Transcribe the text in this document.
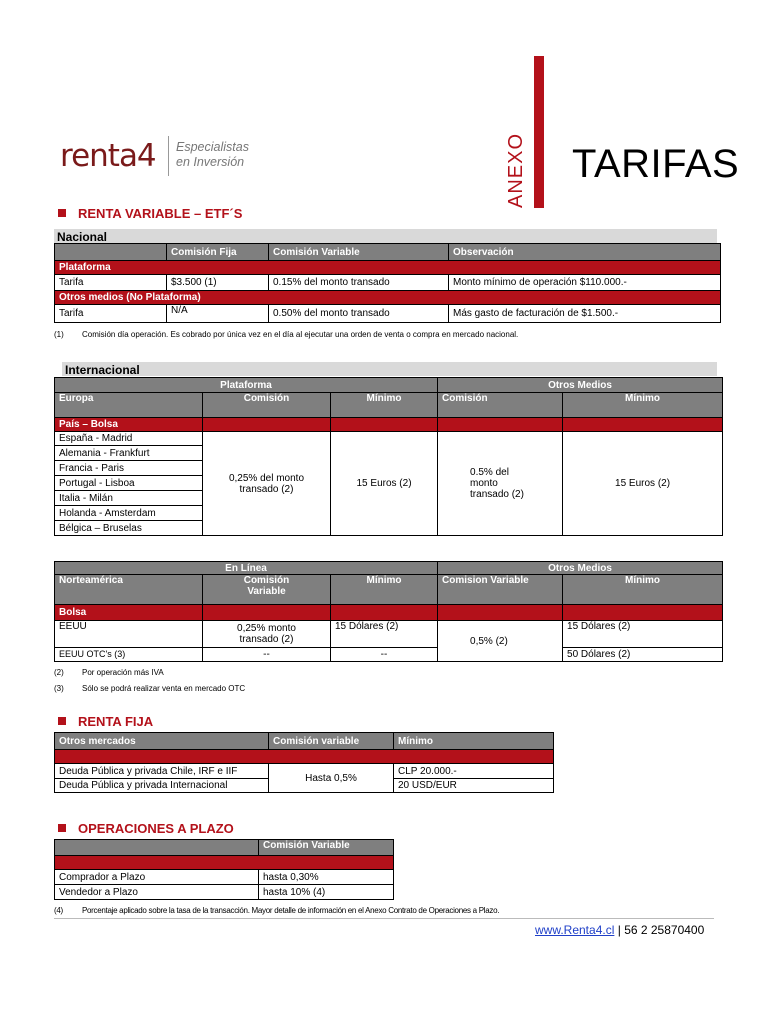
renta4 Especialistas
en Inversión	ANEXO TARIFAS
RENTA VARIABLE – ETF´S
Nacional
	Comisión Fija	Comisión Variable	Observación
Plataforma			
Tarifa	$3.500 (1)	0.15% del monto transado	Monto mínimo de operación $110.000.-
Otros medios (No Plataforma)			
Tarifa	N/A	0.50% del monto transado	Más gasto de facturación de $1.500.-
(1) Comisión día operación. Es cobrado por única vez en el día al ejecutar una orden de venta o compra en mercado nacional.
Internacional
Plataforma			Otros Medios	
Europa	Comisión	Mínimo	Comisión	Mínimo
País – Bolsa				
España - Madrid	0,25% del monto transado (2)	15 Euros (2)	0.5% del monto transado (2)	15 Euros (2)
Alemania - Frankfurt				
Francia - Paris				
Portugal - Lisboa				
Italia - Milán				
Holanda - Amsterdam				
Bélgica – Bruselas				
En Línea			Otros Medios	
Norteamérica	Comisión Variable	Mínimo	Comision Variable	Mínimo
Bolsa				
EEUU	0,25% monto transado (2)	15 Dólares (2)	0,5% (2)	15 Dólares (2)
EEUU OTC's (3)	--	--		50 Dólares (2)
(2) Por operación más IVA
(3) Sólo se podrá realizar venta en mercado OTC
RENTA FIJA
Otros mercados	Comisión variable	Mínimo

Deuda Pública y privada Chile, IRF e IIF	Hasta 0,5%	CLP 20.000.-
Deuda Pública y privada Internacional		20 USD/EUR
OPERACIONES A PLAZO
	Comisión Variable

Comprador a Plazo	hasta 0,30%
Vendedor a Plazo	hasta 10% (4)
(4) Porcentaje aplicado sobre la tasa de la transacción. Mayor detalle de información en el Anexo Contrato de Operaciones a Plazo.
www.Renta4.cl | 56 2 25870400
